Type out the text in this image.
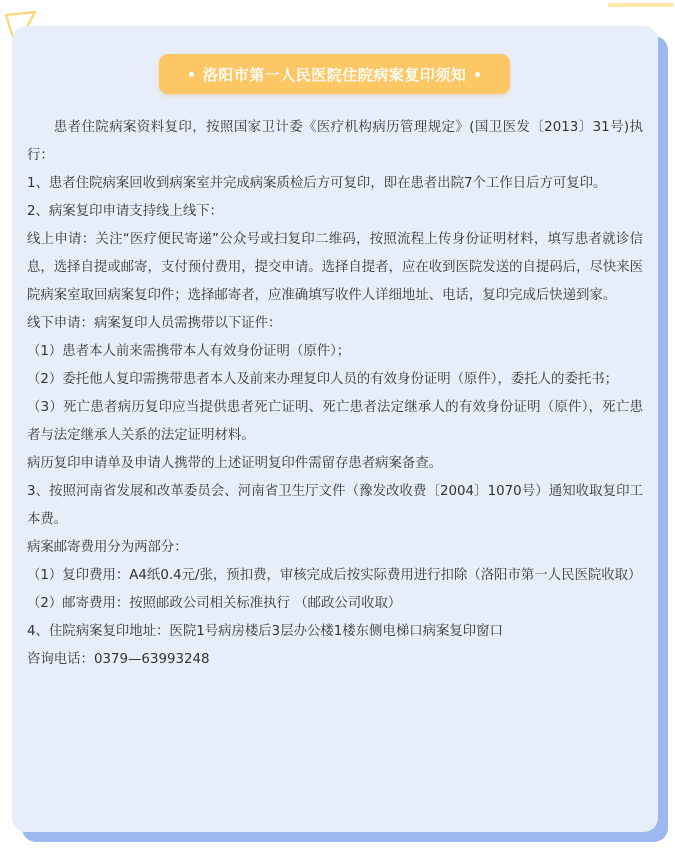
洛阳市第一人民医院住院病案复印须知

患者住院病案资料复印，按照国家卫计委《医疗机构病历管理规定》(国卫医发〔2013〕31号)执行：

1、患者住院病案回收到病案室并完成病案质检后方可复印，即在患者出院7个工作日后方可复印。

2、病案复印申请支持线上线下：

线上申请：关注“医疗便民寄递”公众号或扫复印二维码，按照流程上传身份证明材料，填写患者就诊信息，选择自提或邮寄，支付预付费用，提交申请。选择自提者，应在收到医院发送的自提码后，尽快来医院病案室取回病案复印件；选择邮寄者，应准确填写收件人详细地址、电话，复印完成后快递到家。

线下申请：病案复印人员需携带以下证件：

（1）患者本人前来需携带本人有效身份证明（原件）；

（2）委托他人复印需携带患者本人及前来办理复印人员的有效身份证明（原件），委托人的委托书；

（3）死亡患者病历复印应当提供患者死亡证明、死亡患者法定继承人的有效身份证明（原件），死亡患者与法定继承人关系的法定证明材料。

病历复印申请单及申请人携带的上述证明复印件需留存患者病案备查。

3、按照河南省发展和改革委员会、河南省卫生厅文件（豫发改收费〔2004〕1070号）通知收取复印工本费。

病案邮寄费用分为两部分：

（1）复印费用：A4纸0.4元/张，预扣费，审核完成后按实际费用进行扣除（洛阳市第一人民医院收取）

（2）邮寄费用：按照邮政公司相关标准执行 （邮政公司收取）

4、住院病案复印地址：医院1号病房楼后3层办公楼1楼东侧电梯口病案复印窗口

咨询电话：0379—63993248
